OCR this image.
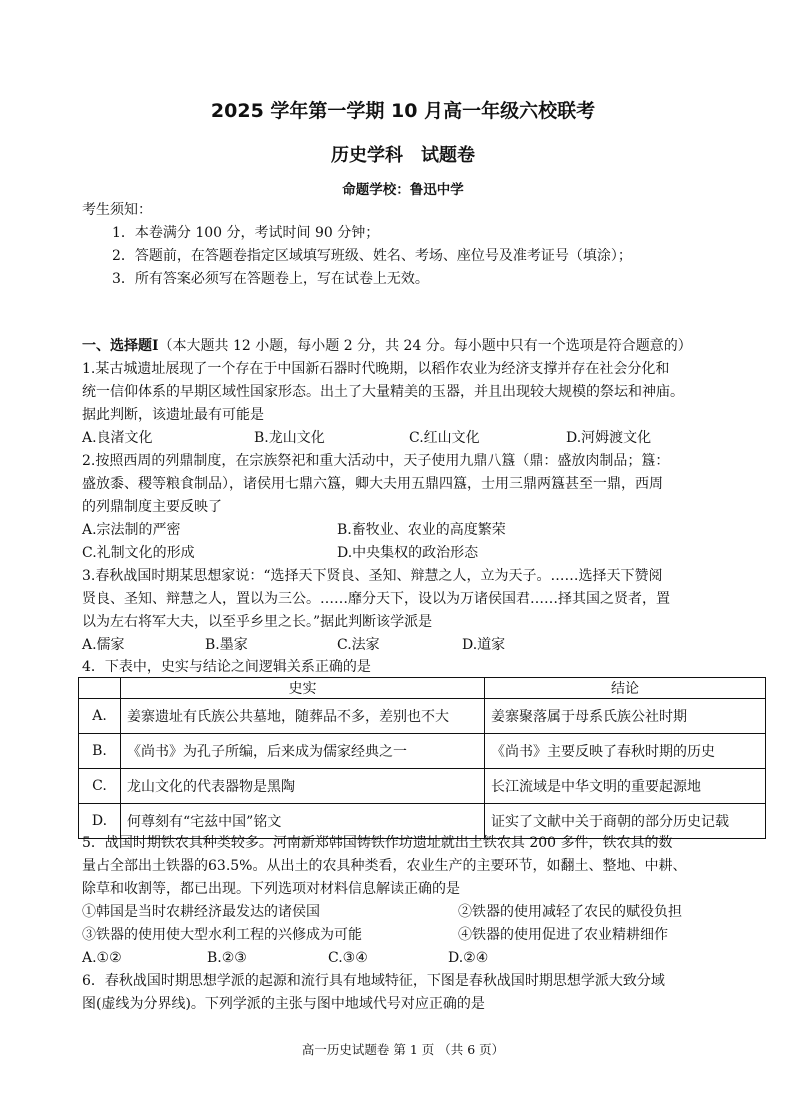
2025 学年第一学期 10 月高一年级六校联考
历史学科　试题卷
命题学校：鲁迅中学
考生须知：
1．本卷满分 100 分，考试时间 90 分钟；
2．答题前，在答题卷指定区域填写班级、姓名、考场、座位号及准考证号（填涂）；
3．所有答案必须写在答题卷上，写在试卷上无效。
一、选择题Ⅰ（本大题共 12 小题，每小题 2 分，共 24 分。每小题中只有一个选项是符合题意的）
1.某古城遗址展现了一个存在于中国新石器时代晚期，以稻作农业为经济支撑并存在社会分化和
统一信仰体系的早期区域性国家形态。出土了大量精美的玉器，并且出现较大规模的祭坛和神庙。
据此判断，该遗址最有可能是
A.良渚文化	B.龙山文化	C.红山文化	D.河姆渡文化
2.按照西周的列鼎制度，在宗族祭祀和重大活动中，天子使用九鼎八簋（鼎：盛放肉制品；簋：
盛放黍、稷等粮食制品），诸侯用七鼎六簋，卿大夫用五鼎四簋，士用三鼎两簋甚至一鼎，西周
的列鼎制度主要反映了
A.宗法制的严密	B.畜牧业、农业的高度繁荣
C.礼制文化的形成	D.中央集权的政治形态
3.春秋战国时期某思想家说：“选择天下贤良、圣知、辩慧之人，立为天子。……选择天下赞阅
贤良、圣知、辩慧之人，置以为三公。……靡分天下，设以为万诸侯国君……择其国之贤者，置
以为左右将军大夫，以至乎乡里之长。”据此判断该学派是
A.儒家	B.墨家	C.法家	D.道家
4．下表中，史实与结论之间逻辑关系正确的是
	史实	结论
A.	姜寨遗址有氏族公共墓地，随葬品不多，差别也不大	姜寨聚落属于母系氏族公社时期
B.	《尚书》为孔子所编，后来成为儒家经典之一	《尚书》主要反映了春秋时期的历史
C.	龙山文化的代表器物是黑陶	长江流域是中华文明的重要起源地
D.	何尊刻有“宅兹中国”铭文	证实了文献中关于商朝的部分历史记载
5．战国时期铁农具种类较多。河南新郑韩国铸铁作坊遗址就出土铁农具 200 多件，铁农具的数
量占全部出土铁器的63.5%。从出土的农具种类看，农业生产的主要环节，如翻土、整地、中耕、
除草和收割等，都已出现。下列选项对材料信息解读正确的是
①韩国是当时农耕经济最发达的诸侯国	②铁器的使用减轻了农民的赋役负担
③铁器的使用使大型水利工程的兴修成为可能	④铁器的使用促进了农业精耕细作
A.①②	B.②③	C.③④	D.②④
6．春秋战国时期思想学派的起源和流行具有地域特征，下图是春秋战国时期思想学派大致分域
图(虚线为分界线)。下列学派的主张与图中地域代号对应正确的是
高一历史试题卷 第 1 页 （共 6 页）
